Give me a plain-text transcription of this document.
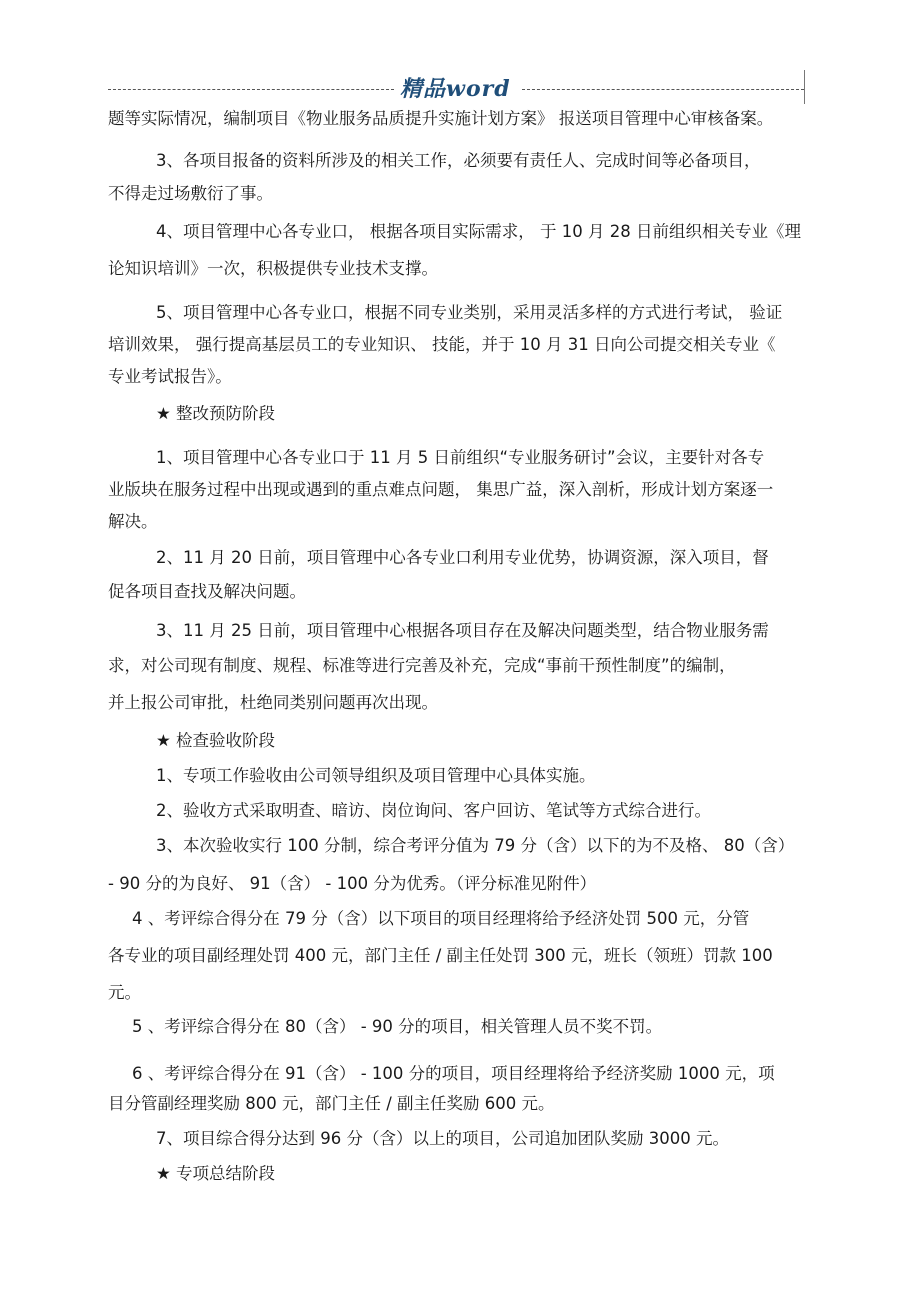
精品word
题等实际情况，编制项目《物业服务品质提升实施计划方案》 报送项目管理中心审核备案。
3、各项目报备的资料所涉及的相关工作，必须要有责任人、完成时间等必备项目，
不得走过场敷衍了事。
4、项目管理中心各专业口， 根据各项目实际需求， 于 10 月 28 日前组织相关专业《理
论知识培训》一次，积极提供专业技术支撑。
5、项目管理中心各专业口，根据不同专业类别，采用灵活多样的方式进行考试， 验证
培训效果， 强行提高基层员工的专业知识、 技能，并于 10 月 31 日向公司提交相关专业《
专业考试报告》。
★ 整改预防阶段
1、项目管理中心各专业口于 11 月 5 日前组织“专业服务研讨”会议，主要针对各专
业版块在服务过程中出现或遇到的重点难点问题， 集思广益，深入剖析，形成计划方案逐一
解决。
2、11 月 20 日前，项目管理中心各专业口利用专业优势，协调资源，深入项目，督
促各项目查找及解决问题。
3、11 月 25 日前，项目管理中心根据各项目存在及解决问题类型，结合物业服务需
求，对公司现有制度、规程、标准等进行完善及补充，完成“事前干预性制度”的编制，
并上报公司审批，杜绝同类别问题再次出现。
★ 检查验收阶段
1、专项工作验收由公司领导组织及项目管理中心具体实施。
2、验收方式采取明查、暗访、岗位询问、客户回访、笔试等方式综合进行。
3、本次验收实行 100 分制，综合考评分值为 79 分（含）以下的为不及格、 80（含）
- 90 分的为良好、 91（含） - 100 分为优秀。（评分标准见附件）
4 、考评综合得分在 79 分（含）以下项目的项目经理将给予经济处罚 500 元，分管
各专业的项目副经理处罚 400 元，部门主任 / 副主任处罚 300 元，班长（领班）罚款 100
元。
5 、考评综合得分在 80（含） - 90 分的项目，相关管理人员不奖不罚。
6 、考评综合得分在 91（含） - 100 分的项目，项目经理将给予经济奖励 1000 元，项
目分管副经理奖励 800 元，部门主任 / 副主任奖励 600 元。
7、项目综合得分达到 96 分（含）以上的项目，公司追加团队奖励 3000 元。
★ 专项总结阶段
